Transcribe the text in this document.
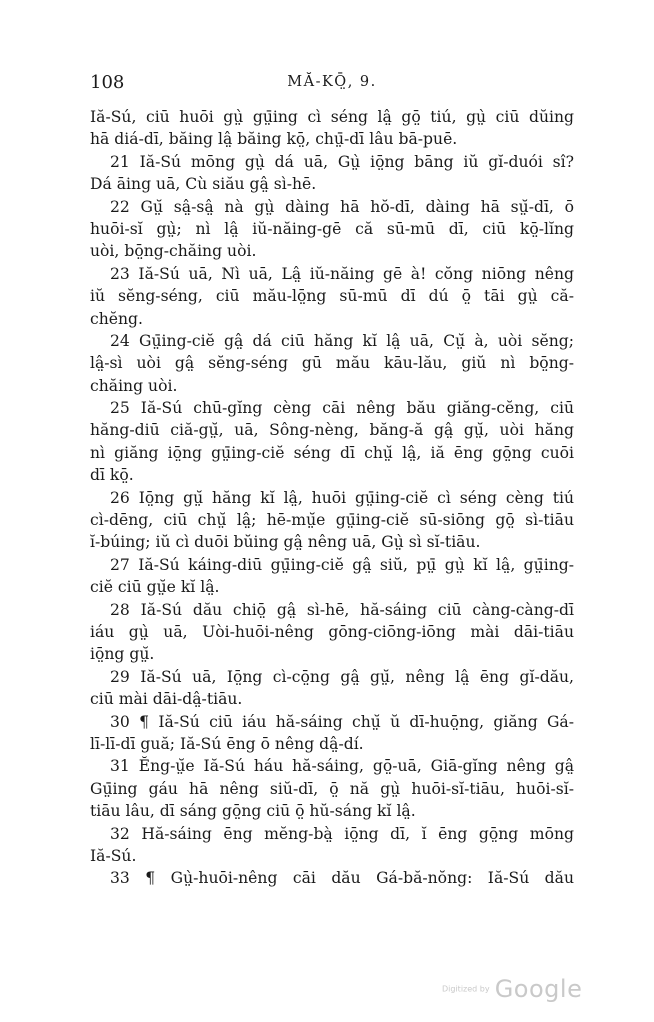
108	MĂ-KŌ̤, 9.
Iă-Sú, ciū huōi gṳ̀ gṳ̄ing cì séng lâ̤ gō̤ tiú, gṳ̀ ciū dŭing
hā diá-dī, băing lâ̤ băing kō̤, chṳ̄-dī lâu bā-puē.
21 Iă-Sú mōng gṳ̀ dá uā, Gṳ̀ iō̤ng bāng iŭ gĭ-duói sî?
Dá āing uā, Cù siău gâ̤ sì-hē.
22 Gṳ̆ sâ̤-sâ̤ nà gṳ̀ dàing hā hŏ-dī, dàing hā sṳ̆-dī, ō
huōi-sĭ gṳ̀; nì lâ̤ iŭ-năing-gē că sū-mū dī, ciū kō̤-lĭng
uòi, bō̤ng-chăing uòi.
23 Iă-Sú uā, Nì uā, Lâ̤ iŭ-năing gē à! cŏng niōng nêng
iŭ sĕng-séng, ciū mău-lō̤ng sū-mū dī dú ō̤ tāi gṳ̀ că-
chĕng.
24 Gṳ̄ing-ciĕ gâ̤ dá ciū hăng kĭ lâ̤ uā, Cṳ̆ à, uòi sĕng;
lâ̤-sì uòi gâ̤ sĕng-séng gū mău kāu-lău, giŭ nì bō̤ng-
chăing uòi.
25 Iă-Sú chū-gĭng cèng cāi nêng bău giăng-cĕng, ciū
hăng-diū ciă-gṳ̆, uā, Sông-nèng, băng-ă gâ̤ gṳ̆, uòi hăng
nì giăng iō̤ng gṳ̄ing-ciĕ séng dī chṳ̆ lâ̤, iă ēng gō̤ng cuōi
dī kō̤.
26 Iō̤ng gṳ̆ hăng kĭ lâ̤, huōi gṳ̄ing-ciĕ cì séng cèng tiú
cì-dēng, ciū chṳ̆ lâ̤; hē-mṳ̆e gṳ̄ing-ciĕ sū-siōng gō̤ sì-tiāu
ĭ-búing; iŭ cì duōi bŭing gâ̤ nêng uā, Gṳ̀ sì sĭ-tiāu.
27 Iă-Sú káing-diū gṳ̄ing-ciĕ gâ̤ siŭ, pṳ̄ gṳ̀ kĭ lâ̤, gṳ̄ing-
ciĕ ciū gṳ̆e kĭ lâ̤.
28 Iă-Sú dău chiō̤ gâ̤ sì-hē, hă-sáing ciū càng-càng-dī
iáu gṳ̀ uā, Uòi-huōi-nêng gōng-ciōng-iōng mài dāi-tiāu
iō̤ng gṳ̆.
29 Iă-Sú uā, Iō̤ng cì-cō̤ng gâ̤ gṳ̆, nêng lâ̤ ēng gĭ-dău,
ciū mài dāi-dâ̤-tiāu.
30 ¶ Iă-Sú ciū iáu hă-sáing chṳ̆ ŭ dī-huō̤ng, giăng Gá-
lī-lī-dī guă; Iă-Sú ēng ō nêng dâ̤-dí.
31 Ĕng-ṳ̆e Iă-Sú háu hă-sáing, gō̤-uā, Giā-gĭng nêng gâ̤
Gṳ̄ing gáu hā nêng siŭ-dī, ō̤ nă gṳ̀ huōi-sĭ-tiāu, huōi-sĭ-
tiāu lâu, dī sáng gō̤ng ciū ō̤ hŭ-sáng kĭ lâ̤.
32 Hă-sáing ēng mĕng-bà̤ iō̤ng dī, ĭ ēng gō̤ng mōng
Iă-Sú.
33 ¶ Gṳ̀-huōi-nêng cāi dău Gá-bă-nŏng: Iă-Sú dău
Digitized by Google
